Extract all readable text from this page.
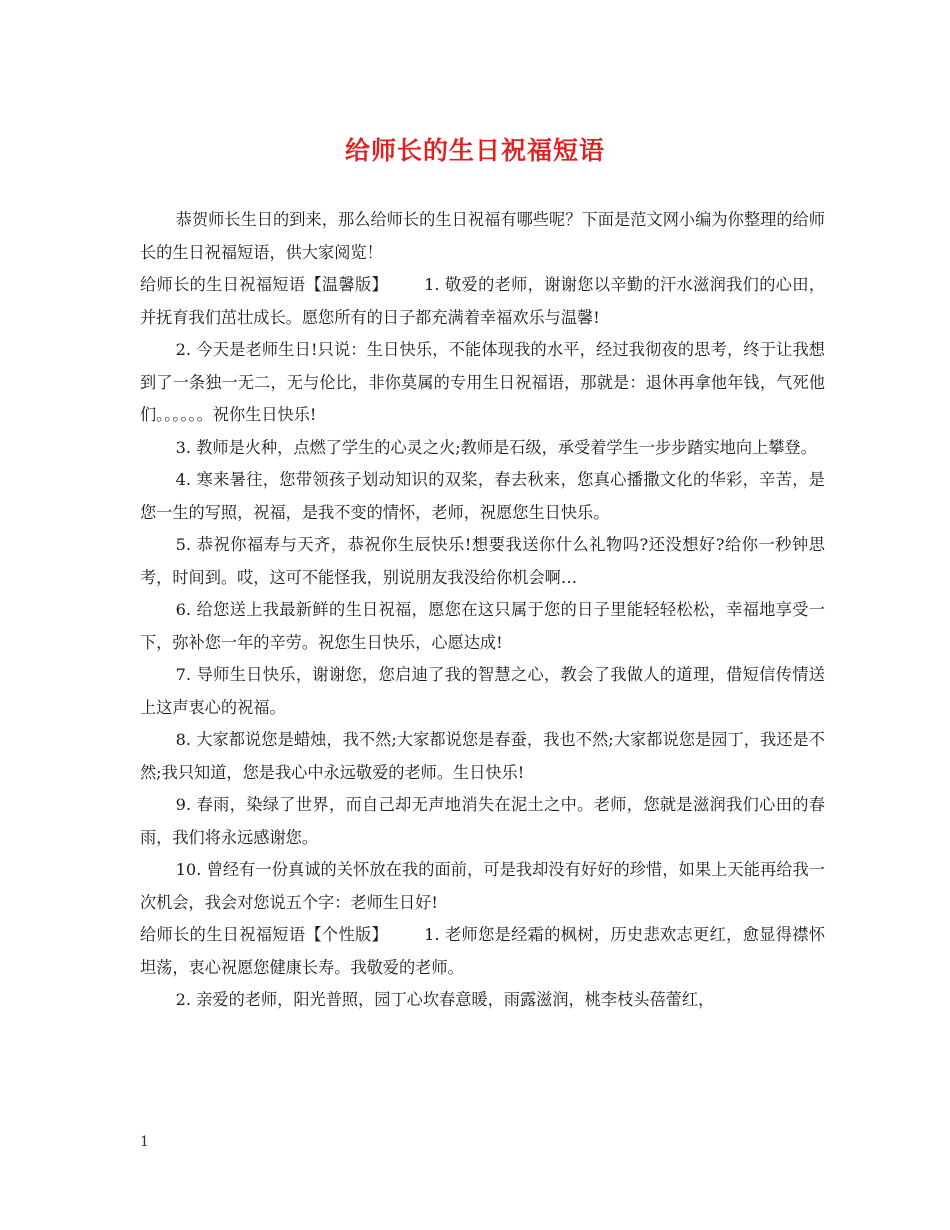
给师长的生日祝福短语

恭贺师长生日的到来，那么给师长的生日祝福有哪些呢？下面是范文网小编为你整理的给师长的生日祝福短语，供大家阅览！

给师长的生日祝福短语【温馨版】 1. 敬爱的老师，谢谢您以辛勤的汗水滋润我们的心田，并抚育我们茁壮成长。愿您所有的日子都充满着幸福欢乐与温馨!

2. 今天是老师生日!只说：生日快乐，不能体现我的水平，经过我彻夜的思考，终于让我想到了一条独一无二，无与伦比，非你莫属的专用生日祝福语，那就是：退休再拿他年钱，气死他们。。。。。。祝你生日快乐!

3. 教师是火种，点燃了学生的心灵之火;教师是石级，承受着学生一步步踏实地向上攀登。

4. 寒来暑往，您带领孩子划动知识的双桨，春去秋来，您真心播撒文化的华彩，辛苦，是您一生的写照，祝福，是我不变的情怀，老师，祝愿您生日快乐。

5. 恭祝你福寿与天齐，恭祝你生辰快乐!想要我送你什么礼物吗?还没想好?给你一秒钟思考，时间到。哎，这可不能怪我，别说朋友我没给你机会啊…

6. 给您送上我最新鲜的生日祝福，愿您在这只属于您的日子里能轻轻松松，幸福地享受一下，弥补您一年的辛劳。祝您生日快乐，心愿达成!

7. 导师生日快乐，谢谢您，您启迪了我的智慧之心，教会了我做人的道理，借短信传情送上这声衷心的祝福。

8. 大家都说您是蜡烛，我不然;大家都说您是春蚕，我也不然;大家都说您是园丁，我还是不然;我只知道，您是我心中永远敬爱的老师。生日快乐!

9. 春雨，染绿了世界，而自己却无声地消失在泥土之中。老师，您就是滋润我们心田的春雨，我们将永远感谢您。

10. 曾经有一份真诚的关怀放在我的面前，可是我却没有好好的珍惜，如果上天能再给我一次机会，我会对您说五个字：老师生日好!

给师长的生日祝福短语【个性版】 1. 老师您是经霜的枫树，历史悲欢志更红，愈显得襟怀坦荡，衷心祝愿您健康长寿。我敬爱的老师。

2. 亲爱的老师，阳光普照，园丁心坎春意暖，雨露滋润，桃李枝头蓓蕾红，

1
